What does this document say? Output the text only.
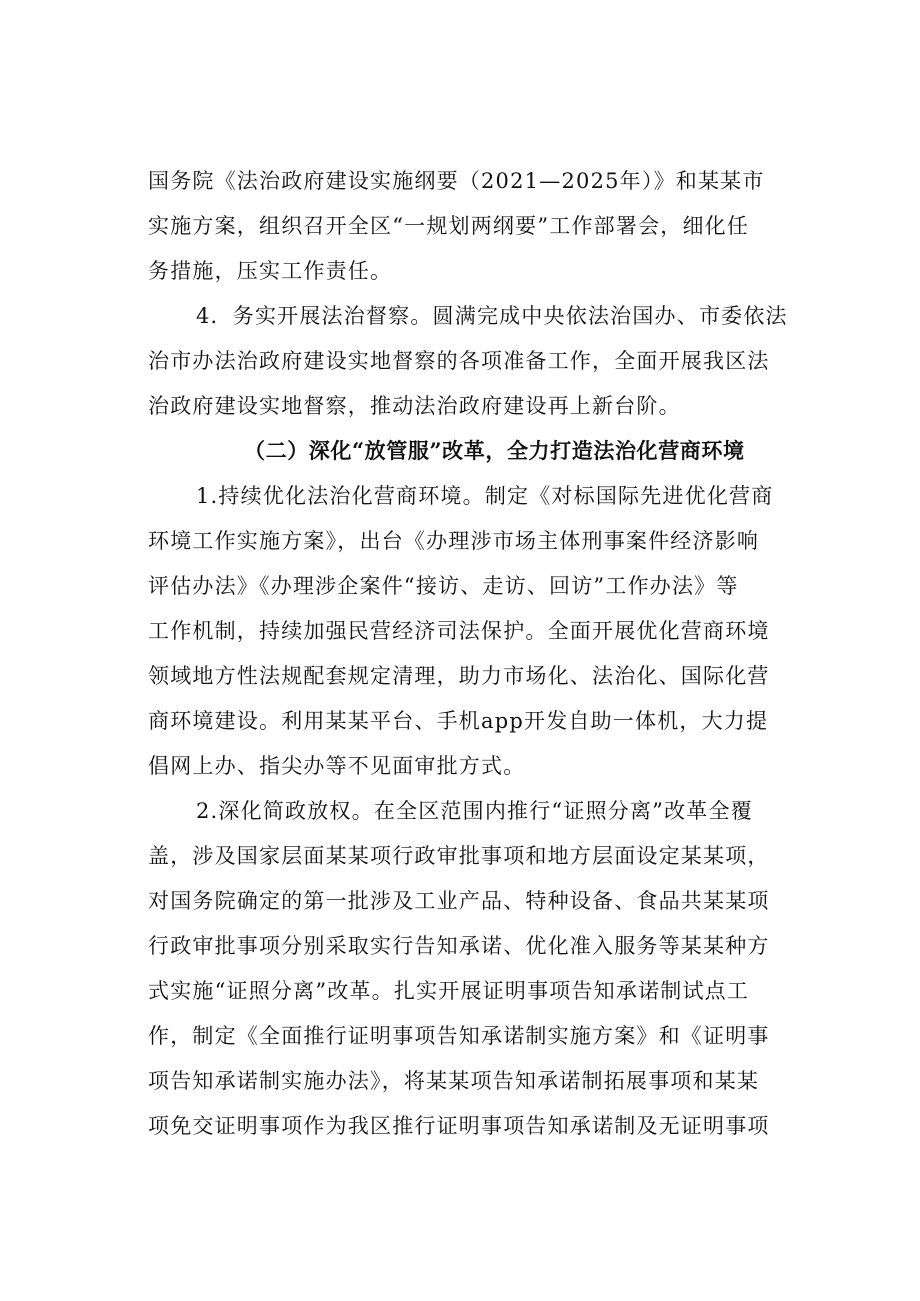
国务院《法治政府建设实施纲要（2021—2025年）》和某某市
实施方案，组织召开全区“一规划两纲要”工作部署会，细化任
务措施，压实工作责任。
4．务实开展法治督察。圆满完成中央依法治国办、市委依法
治市办法治政府建设实地督察的各项准备工作，全面开展我区法
治政府建设实地督察，推动法治政府建设再上新台阶。
（二）深化“放管服”改革，全力打造法治化营商环境
1.持续优化法治化营商环境。制定《对标国际先进优化营商
环境工作实施方案》，出台《办理涉市场主体刑事案件经济影响
评估办法》《办理涉企案件“接访、走访、回访”工作办法》等
工作机制，持续加强民营经济司法保护。全面开展优化营商环境
领域地方性法规配套规定清理，助力市场化、法治化、国际化营
商环境建设。利用某某平台、手机app开发自助一体机，大力提
倡网上办、指尖办等不见面审批方式。
2.深化简政放权。在全区范围内推行“证照分离”改革全覆
盖，涉及国家层面某某项行政审批事项和地方层面设定某某项，
对国务院确定的第一批涉及工业产品、特种设备、食品共某某项
行政审批事项分别采取实行告知承诺、优化准入服务等某某种方
式实施“证照分离”改革。扎实开展证明事项告知承诺制试点工
作，制定《全面推行证明事项告知承诺制实施方案》和《证明事
项告知承诺制实施办法》，将某某项告知承诺制拓展事项和某某
项免交证明事项作为我区推行证明事项告知承诺制及无证明事项
